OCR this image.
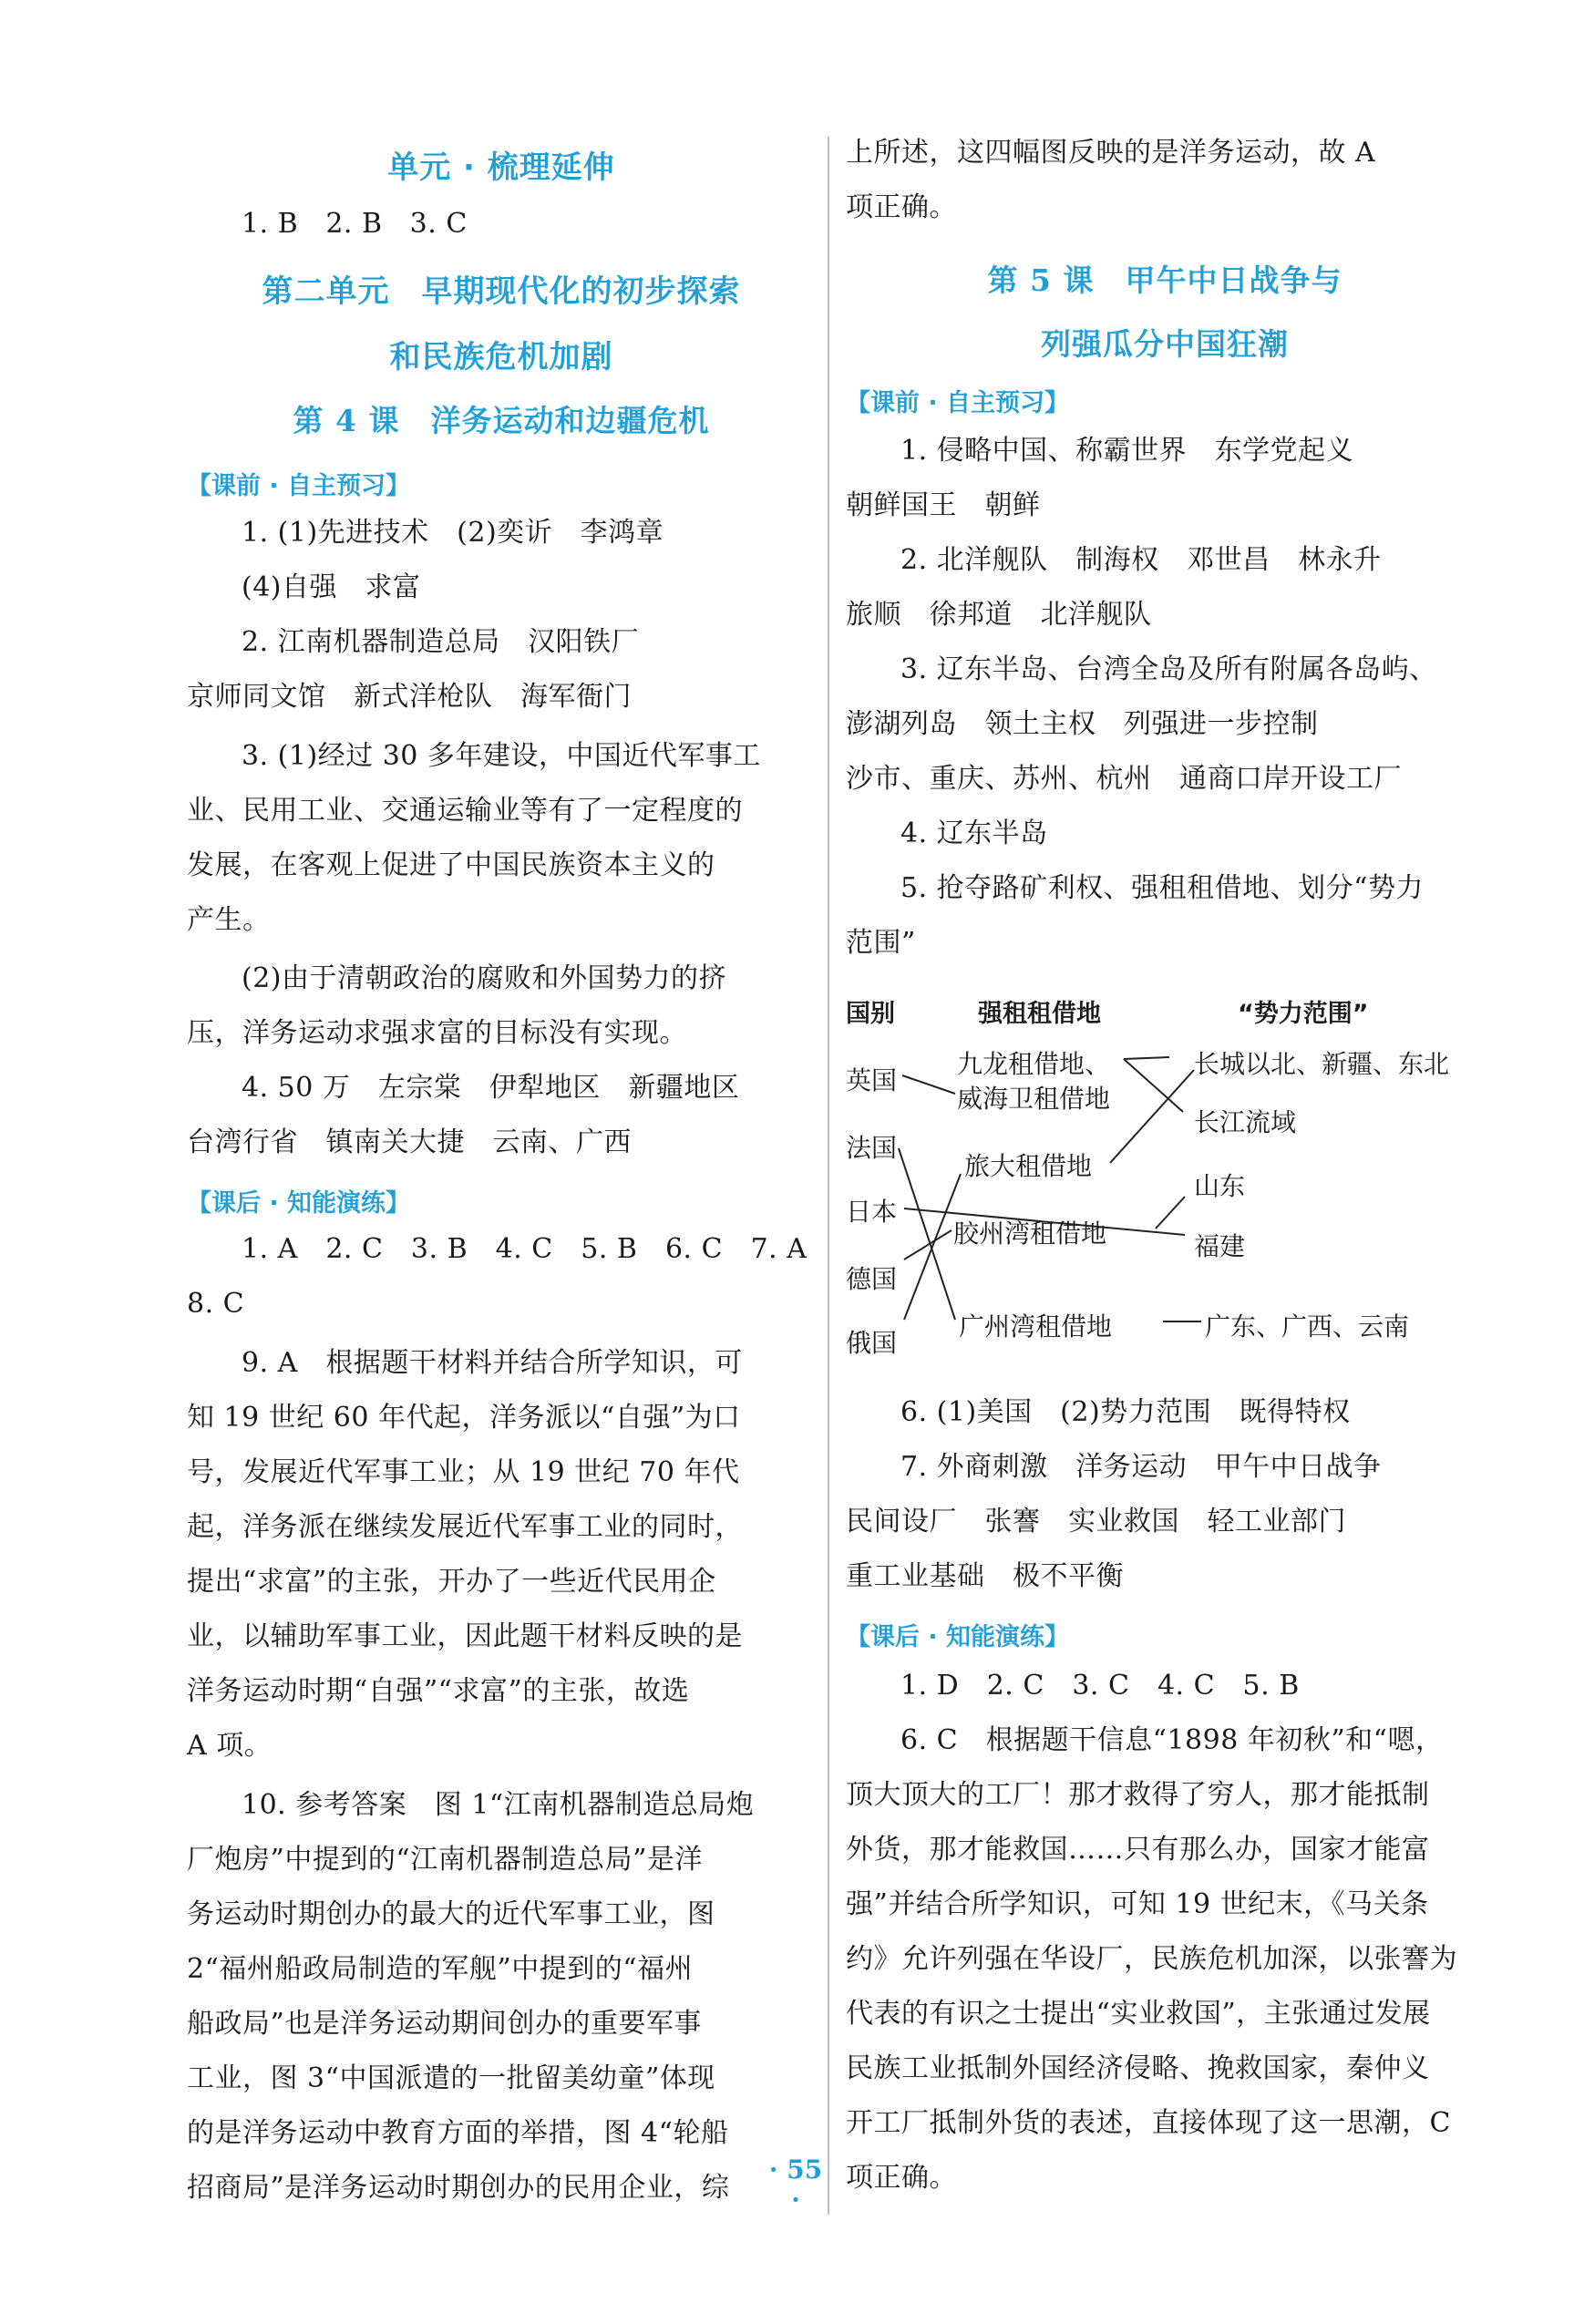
单元 · 梳理延伸
1. B 2. B 3. C
第二单元　早期现代化的初步探索
和民族危机加剧
第 4 课　洋务运动和边疆危机
【课前 · 自主预习】
1. (1)先进技术　(2)奕䜣　李鸿章
(4)自强　求富
2. 江南机器制造总局　汉阳铁厂
京师同文馆　新式洋枪队　海军衙门
3. (1)经过 30 多年建设，中国近代军事工
业、民用工业、交通运输业等有了一定程度的
发展，在客观上促进了中国民族资本主义的
产生。
(2)由于清朝政治的腐败和外国势力的挤
压，洋务运动求强求富的目标没有实现。
4. 50 万　左宗棠　伊犁地区　新疆地区
台湾行省　镇南关大捷　云南、广西
【课后 · 知能演练】
1. A　2. C　3. B　4. C　5. B　6. C　7. A
8. C
9. A　根据题干材料并结合所学知识，可
知 19 世纪 60 年代起，洋务派以“自强”为口
号，发展近代军事工业；从 19 世纪 70 年代
起，洋务派在继续发展近代军事工业的同时，
提出“求富”的主张，开办了一些近代民用企
业，以辅助军事工业，因此题干材料反映的是
洋务运动时期“自强”“求富”的主张，故选
A 项。
10. 参考答案　图 1“江南机器制造总局炮
厂炮房”中提到的“江南机器制造总局”是洋
务运动时期创办的最大的近代军事工业，图
2“福州船政局制造的军舰”中提到的“福州
船政局”也是洋务运动期间创办的重要军事
工业，图 3“中国派遣的一批留美幼童”体现
的是洋务运动中教育方面的举措，图 4“轮船
招商局”是洋务运动时期创办的民用企业，综
上所述，这四幅图反映的是洋务运动，故 A
项正确。
第 5 课　甲午中日战争与
列强瓜分中国狂潮
【课前 · 自主预习】
1. 侵略中国、称霸世界　东学党起义
朝鲜国王　朝鲜
2. 北洋舰队　制海权　邓世昌　林永升
旅顺　徐邦道　北洋舰队
3. 辽东半岛、台湾全岛及所有附属各岛屿、
澎湖列岛　领土主权　列强进一步控制
沙市、重庆、苏州、杭州　通商口岸开设工厂
4. 辽东半岛
5. 抢夺路矿利权、强租租借地、划分“势力
范围”
国别	强租租借地	“势力范围”
英国
法国
日本
德国
俄国
九龙租借地、
威海卫租借地
旅大租借地
胶州湾租借地
广州湾租借地
长城以北、新疆、东北
长江流域
山东
福建
广东、广西、云南
6. (1)美国　(2)势力范围　既得特权
7. 外商刺激　洋务运动　甲午中日战争
民间设厂　张謇　实业救国　轻工业部门
重工业基础　极不平衡
【课后 · 知能演练】
1. D　2. C　3. C　4. C　5. B
6. C　根据题干信息“1898 年初秋”和“嗯，
顶大顶大的工厂！那才救得了穷人，那才能抵制
外货，那才能救国……只有那么办，国家才能富
强”并结合所学知识，可知 19 世纪末，《马关条
约》允许列强在华设厂，民族危机加深，以张謇为
代表的有识之士提出“实业救国”，主张通过发展
民族工业抵制外国经济侵略、挽救国家，秦仲义
开工厂抵制外货的表述，直接体现了这一思潮，C
项正确。
· 55 ·
